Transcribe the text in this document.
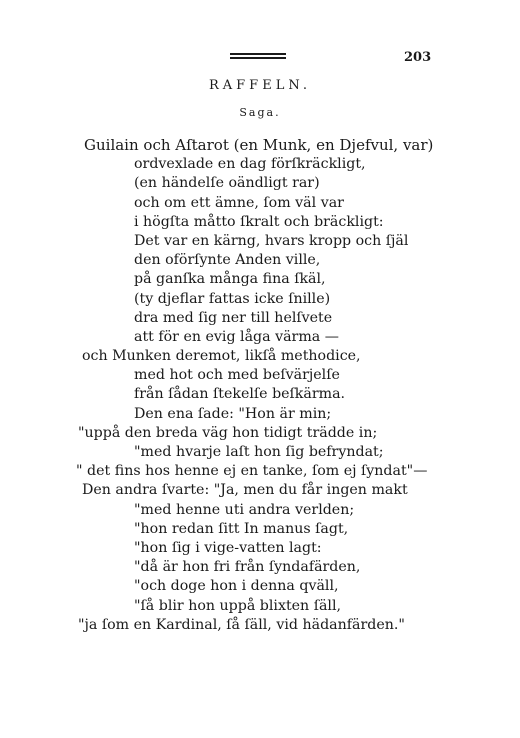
203
RAFFELN.
Saga.
Guilain och Aſtarot (en Munk, en Djefvul, var)
ordvexlade en dag förſkräckligt,
(en händelſe oändligt rar)
och om ett ämne, ſom väl var
i högſta måtto ſkralt och bräckligt:
Det var en kärng, hvars kropp och ſjäl
den oförſynte Anden ville,
på ganſka många fina ſkäl,
(ty djeflar fattas icke ſnille)
dra med ſig ner till helſvete
att för en evig låga värma —
och Munken deremot, likſå methodice,
med hot och med beſvärjelſe
från ſådan ſtekelſe beſkärma.
Den ena ſade: "Hon är min;
"uppå den breda väg hon tidigt trädde in;
"med hvarje laſt hon ſig befryndat;
" det fins hos henne ej en tanke, ſom ej ſyndat"—
Den andra ſvarte: "Ja, men du får ingen makt
"med henne uti andra verlden;
"hon redan ſitt In manus ſagt,
"hon ſig i vige-vatten lagt:
"då är hon fri från ſyndafärden,
"och doge hon i denna qväll,
"ſå blir hon uppå blixten ſäll,
"ja ſom en Kardinal, ſå ſäll, vid hädanfärden."
